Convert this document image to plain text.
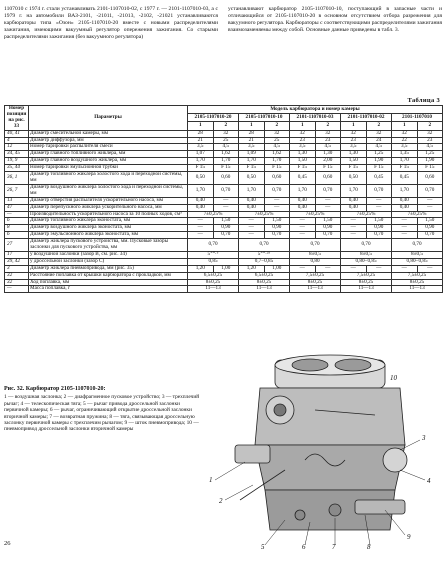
1107010 с 1974 г. стали устанавливать 2101-1107010-02, с 1977 г. — 2101-1107010-03, а с 1979 г. на автомобили ВАЗ-2101, -21011, -21013, -2102, -21021 устанавливаются карбюраторы типа «Озон» 2105-1107010-20 вместе с новыми распределителями зажигания, имеющими вакуумный регулятор опережения зажигания. Со старыми распределителями зажигания (без вакуумного регулятора)

устанавливают карбюратор 2105-1107010-10, поступающий в запасные части и отличающийся от 2105-1107010-20 в основном отсутствием отбора разрежения для вакуумного регулятора. Карбюраторы с соответствующими распределителями зажигания взаимозаменяемы между собой. Основные данные приведены в табл. 3.

Таблица 3
Номер позиции на рис. 33	Параметры	Модель карбюратора и номер камеры									
		2105-1107010-20		2105-1107010-10		2101-1107010-03		2101-1107010-02		2101-1107010	
		1	2	1	2	1	2	1	2	1	2
40, 41	Диаметр смесительной камеры, мм	28	32	28	32	32	32	32	32	32	32
4	Диаметр диффузора, мм	21	25	21	25	23	23	23	24	22	23
12	Номер тарировки распылителя смеси	3,5	4,5	3,5	4,5	3,5	4,5	3,5	4,5	3,5	4,5
34, 45	Диаметр главного топливного жиклера, мм	1,07	1,62	1,09	1,62	1,30	1,30	1,30	1,25	1,35	1,25
19, 9	Диаметр главного воздушного жиклера, мм	1,70	1,70	1,70	1,70	1,50	2,00	1,50	1,90	1,70	1,90
35, 44	Номер тарировки эмульсионной трубки	F 15	F 15	F 15	F 15	F 15	F 15	F 15	F 15	F 15	F 15
36, 1	Диаметр топливного жиклера холостого хода и переходной системы, мм	0,50	0,60	0,50	0,60	0,45	0,60	0,50	0,45	0,45	0,60
26, 7	Диаметр воздушного жиклера холостого хода и переходной системы, мм	1,70	0,70	1,70	0,70	1,70	0,70	1,70	0,70	1,70	0,70
13	Диаметр отверстия распылителя ускорительного насоса, мм	0,40	—	0,40	—	0,40	—	0,40	—	0,40	—
47	Диаметр перепускного жиклера ускорительного насоса, мм	0,40	—	0,40	—	0,40	—	0,40	—	0,40	—
—	Производительность ускорительного насоса за 10 полных ходов, см³	7±0,25%		7±0,25%		7±0,25%		7±0,25%		7±0,25%	
6	Диаметр топливного жиклера эконостата, мм	—	1,50	—	1,50	—	1,50	—	1,50	—	1,50
8	Диаметр воздушного жиклера эконостата, мм	—	0,90	—	0,90	—	0,90	—	0,90	—	0,90
6	Диаметр эмульсионного жиклера эконостата, мм	—	0,70	—	0,70	—	0,70	—	0,70	—	0,70
27	Диаметр жиклера пускового устройства, мм. Пусковые зазоры заслонки для пускового устройства, мм	0,70		0,70		0,70		0,70		0,70	
17	у воздушной заслонки (зазор В, см. рис. 34)	5⁺⁰·⁵		5⁺⁰·²⁵		8±0,5		8±0,5		8±0,5	
39, 42	у дроссельной заслонки (зазор С)	0,85		0,7−0,85		0,80		0,80−0,85		0,80−0,85	
3	Диаметр жиклера пневмопривода, мм (рис. 35)	1,20	1,00	1,20	1,00	—	—	—	—	—	—
32	Расстояние поплавка от крышки карбюратора с прокладкой, мм	6,5±0,25		6,5±0,25		7,5±0,25		7,5±0,25		7,5±0,25	
32	Ход поплавка, мм	8±0,25		8±0,25		8±0,25		8±0,25		8±0,25	
—	Масса поплавка, г	11—13		11—13		11—13		11—13		11—13	
Рис. 32. Карбюратор 2105-1107010-20:
1 — воздушная заслонка; 2 — диафрагменное пусковое устройство; 3 — трехплечий рычаг; 4 — телескопическая тяга; 5 — рычаг привода дроссельной заслонки первичной камеры; 6 — рычаг, ограничивающий открытие дроссельной заслонки вторичной камеры; 7 — возвратная пружина; 8 — тяга, связывающая дроссельную заслонку первичной камеры с трехплечим рычагом; 9 — шток пневмопривода; 10 — пневмопривод дроссельной заслонки вторичной камеры
1
2
3
4
5	6	7	8
9
10
26
